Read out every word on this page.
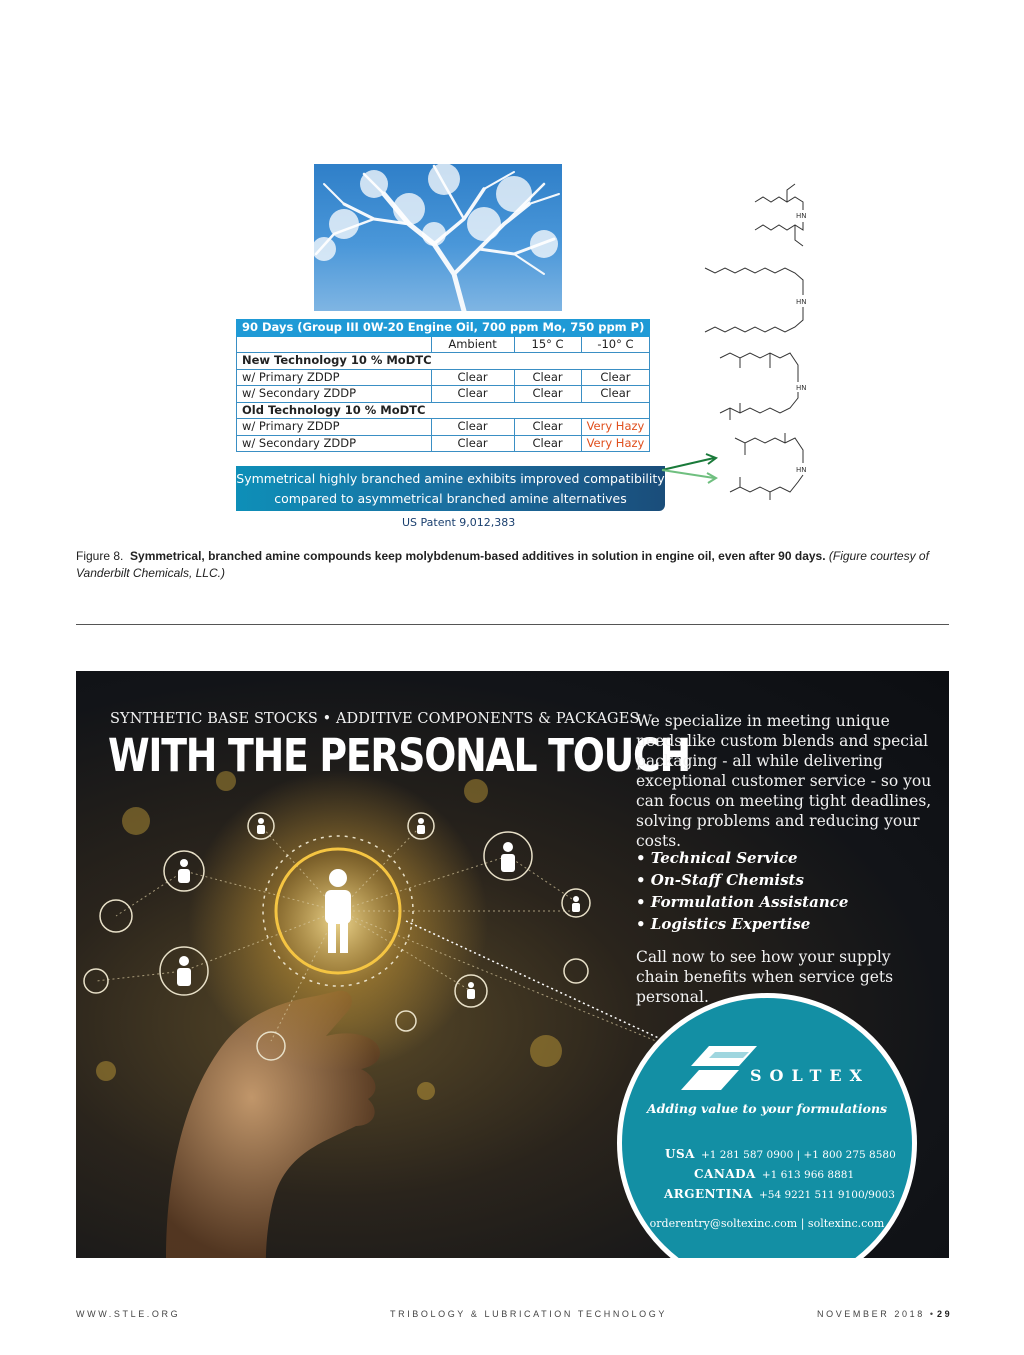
90 Days (Group III 0W-20 Engine Oil, 700 ppm Mo, 750 ppm P)			
	Ambient	15° C	-10° C
New Technology 10 % MoDTC			
w/ Primary ZDDP	Clear	Clear	Clear
w/ Secondary ZDDP	Clear	Clear	Clear
Old Technology 10 % MoDTC			
w/ Primary ZDDP	Clear	Clear	Very Hazy
w/ Secondary ZDDP	Clear	Clear	Very Hazy
Symmetrical highly branched amine exhibits improved compatibility
compared to asymmetrical branched amine alternatives
US Patent 9,012,383
HN
HN
HN
HN
Figure 8. Symmetrical, branched amine compounds keep molybdenum-based additives in solution in engine oil, even after 90 days. (Figure courtesy of Vanderbilt Chemicals, LLC.)
SYNTHETIC BASE STOCKS • ADDITIVE COMPONENTS & PACKAGES
WITH THE PERSONAL TOUCH
We specialize in meeting unique needs like custom blends and special packaging - all while delivering exceptional customer service - so you can focus on meeting tight deadlines, solving problems and reducing your costs.
• Technical Service
• On-Staff Chemists
• Formulation Assistance
• Logistics Expertise
Call now to see how your supply chain benefits when service gets personal.
SOLTEX
Adding value to your formulations
USA +1 281 587 0900 | +1 800 275 8580
CANADA +1 613 966 8881
ARGENTINA +54 9221 511 9100/9003
orderentry@soltexinc.com | soltexinc.com
WWW.STLE.ORG	TRIBOLOGY & LUBRICATION TECHNOLOGY	NOVEMBER 2018 • 29
